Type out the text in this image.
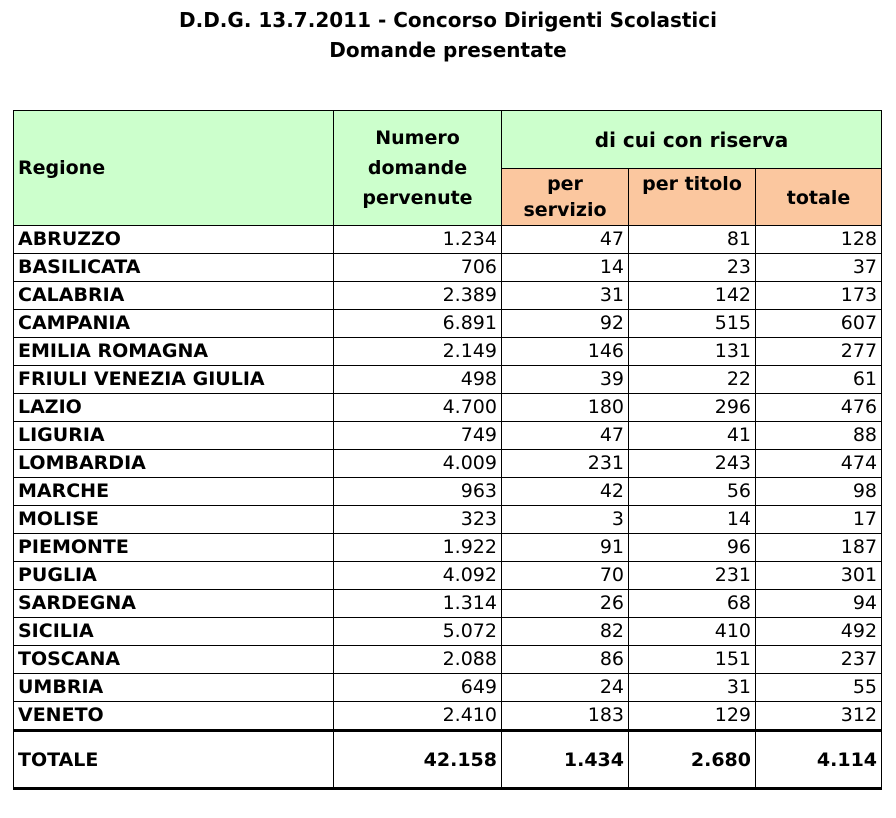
D.D.G. 13.7.2011 - Concorso Dirigenti Scolastici
Domande presentate
Regione	Numero domande pervenute	di cui con riserva		
		per servizio	per titolo	totale
ABRUZZO	1.234	47	81	128
BASILICATA	706	14	23	37
CALABRIA	2.389	31	142	173
CAMPANIA	6.891	92	515	607
EMILIA ROMAGNA	2.149	146	131	277
FRIULI VENEZIA GIULIA	498	39	22	61
LAZIO	4.700	180	296	476
LIGURIA	749	47	41	88
LOMBARDIA	4.009	231	243	474
MARCHE	963	42	56	98
MOLISE	323	3	14	17
PIEMONTE	1.922	91	96	187
PUGLIA	4.092	70	231	301
SARDEGNA	1.314	26	68	94
SICILIA	5.072	82	410	492
TOSCANA	2.088	86	151	237
UMBRIA	649	24	31	55
VENETO	2.410	183	129	312
TOTALE	42.158	1.434	2.680	4.114
